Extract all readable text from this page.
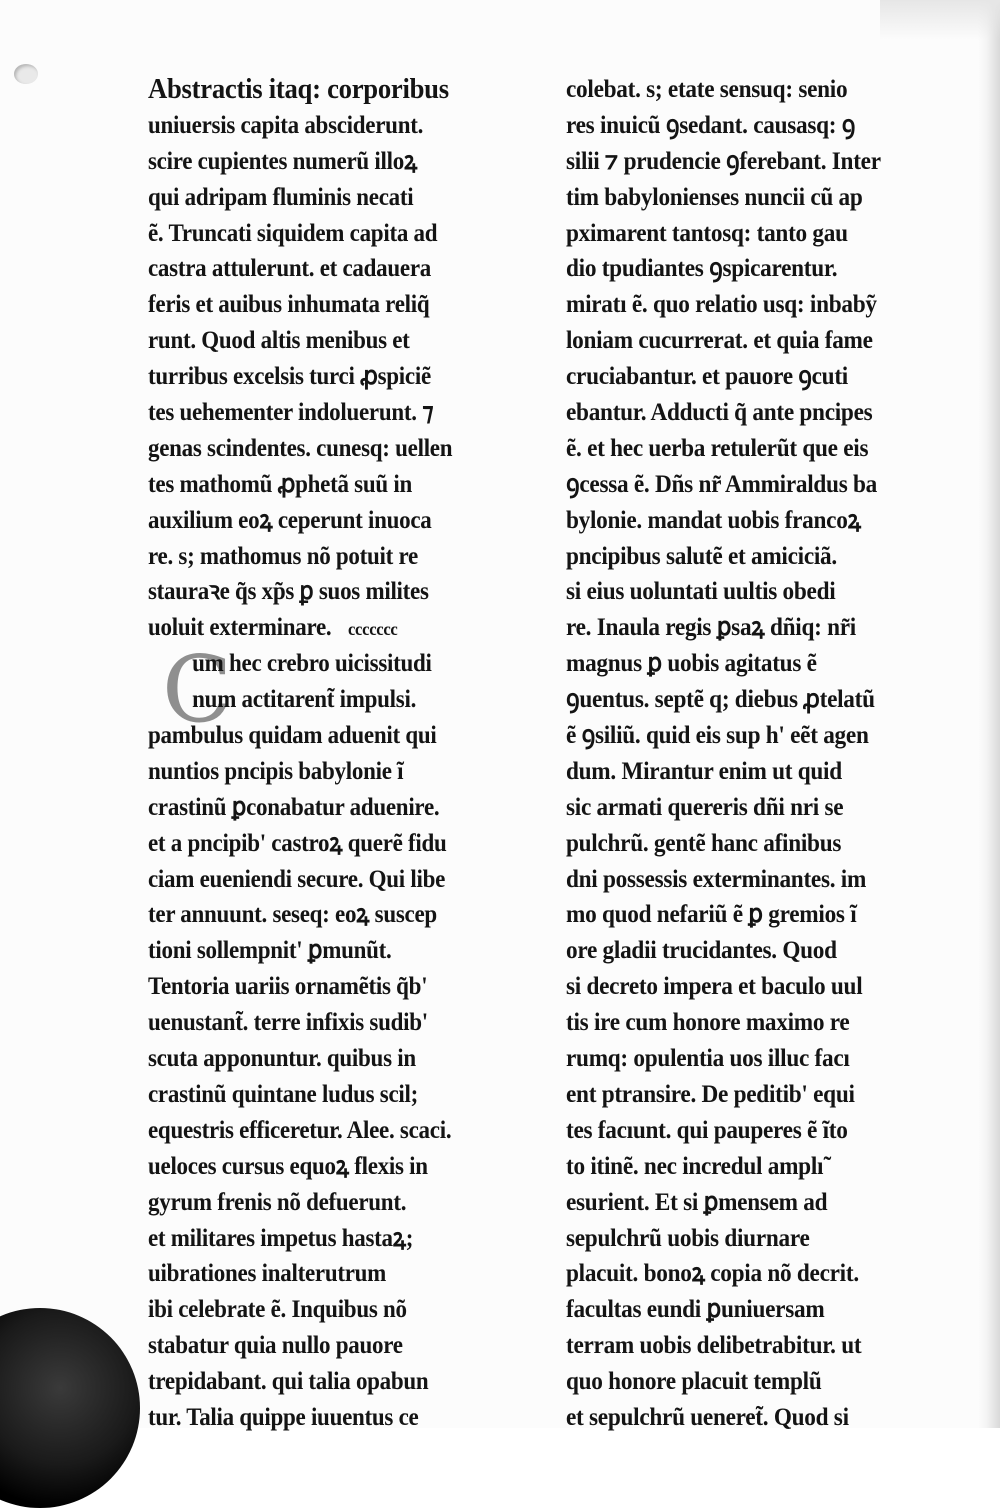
Abstractis itaq: corporibus
uniuersis capita absciderunt.
scire cupientes numerũ illoꝝ
qui adripam fluminis necati
ẽ. Truncati siquidem capita ad
castra attulerunt. et cadauera
feris et auibus inhumata reliq̃
runt. Quod altis menibus et
turribus excelsis turci ꝓspiciẽ
tes uehementer indoluerunt. ⁊
genas scindentes. cunesq: uellen
tes mathomũ ꝓphetã suũ in
auxilium eoꝝ ceperunt inuoca
re. s; mathomus nõ potuit re
stauraꝛe q̃s xp̃s ꝑ suos milites
uoluit exterminare. ccccccc
C
um hec crebro uicissitudi
num actitarent̃ impulsi.
pambulus quidam aduenit qui
nuntios pncipis babylonie ĩ
crastinũ ꝑconabatur aduenire.
et a pncipib' castroꝝ querẽ fidu
ciam eueniendi secure. Qui libe
ter annuunt. seseq: eoꝝ suscep
tioni sollempnit' ꝑmunũt.
Tentoria uariis ornamẽtis q̃b'
uenustant̃. terre infixis sudib'
scuta apponuntur. quibus in
crastinũ quintane ludus scil;
equestris efficeretur. Alee. scaci.
ueloces cursus equoꝝ flexis in
gyrum frenis nõ defuerunt.
et militares impetus hastaꝝ;
uibrationes inalterutrum
ibi celebrate ẽ. Inquibus nõ
stabatur quia nullo pauore
trepidabant. qui talia opabun
tur. Talia quippe iuuentus ce
colebat. s; etate sensuq: senio
res inuicũ ꝯsedant. causasq: ꝯ
silii ⁊ prudencie ꝯferebant. Inter
tim babylonienses nuncii cũ ap
pximarent tantosq: tanto gau
dio tpudiantes ꝯspicarentur.
miratı ẽ. quo relatio usq: inbabỹ
loniam cucurrerat. et quia fame
cruciabantur. et pauore ꝯcuti
ebantur. Adducti q̃ ante pncipes
ẽ. et hec uerba retulerũt que eis
ꝯcessa ẽ. Dñs nr̃ Ammiraldus ba
bylonie. mandat uobis francoꝝ
pncipibus salutẽ et amiciciã.
si eius uoluntati uultis obedi
re. Inaula regis ꝑsaꝝ dñiq: nr̃i
magnus ꝑ uobis agitatus ẽ
ꝯuentus. septẽ q; diebus ꝓtelatũ
ẽ ꝯsiliũ. quid eis sup h' eẽt agen
dum. Mirantur enim ut quid
sic armati quereris dñi nri se
pulchrũ. gentẽ hanc afinibus
dni possessis exterminantes. im
mo quod nefariũ ẽ ꝑ gremios ĩ
ore gladii trucidantes. Quod
si decreto impera et baculo uul
tis ire cum honore maximo re
rumq: opulentia uos illuc facı
ent ptransire. De peditib' equi
tes facıunt. qui pauperes ẽ ĩto
to itinẽ. nec incredul amplı̃
esurient. Et si ꝑmensem ad
sepulchrũ uobis diurnare
placuit. bonoꝝ copia nõ decrit.
facultas eundi ꝑuniuersam
terram uobis delibetrabitur. ut
quo honore placuit templũ
et sepulchrũ ueneret̃. Quod si
